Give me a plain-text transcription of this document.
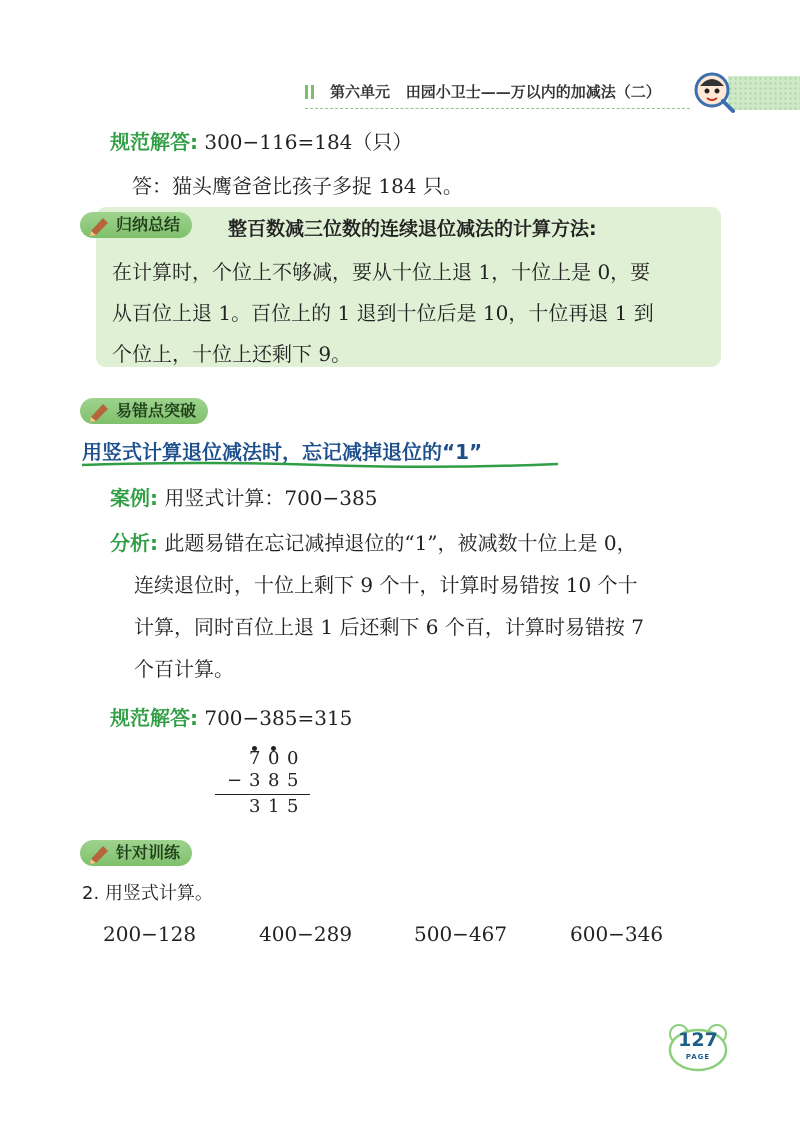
第六单元 田园小卫士——万以内的加减法（二）
规范解答: 300−116=184（只）
答：猫头鹰爸爸比孩子多捉 184 只。
归纳总结	整百数减三位数的连续退位减法的计算方法:
在计算时，个位上不够减，要从十位上退 1，十位上是 0，要
从百位上退 1。百位上的 1 退到十位后是 10，十位再退 1 到
个位上，十位上还剩下 9。
易错点突破
用竖式计算退位减法时，忘记减掉退位的“1”
案例: 用竖式计算：700−385
分析: 此题易错在忘记减掉退位的“1”，被减数十位上是 0，
连续退位时，十位上剩下 9 个十，计算时易错按 10 个十
计算，同时百位上退 1 后还剩下 6 个百，计算时易错按 7
个百计算。
规范解答: 700−385=315
7 0 0
− 3 8 5
3 1 5
针对训练
2. 用竖式计算。
200−128	400−289	500−467	600−346
127
PAGE
